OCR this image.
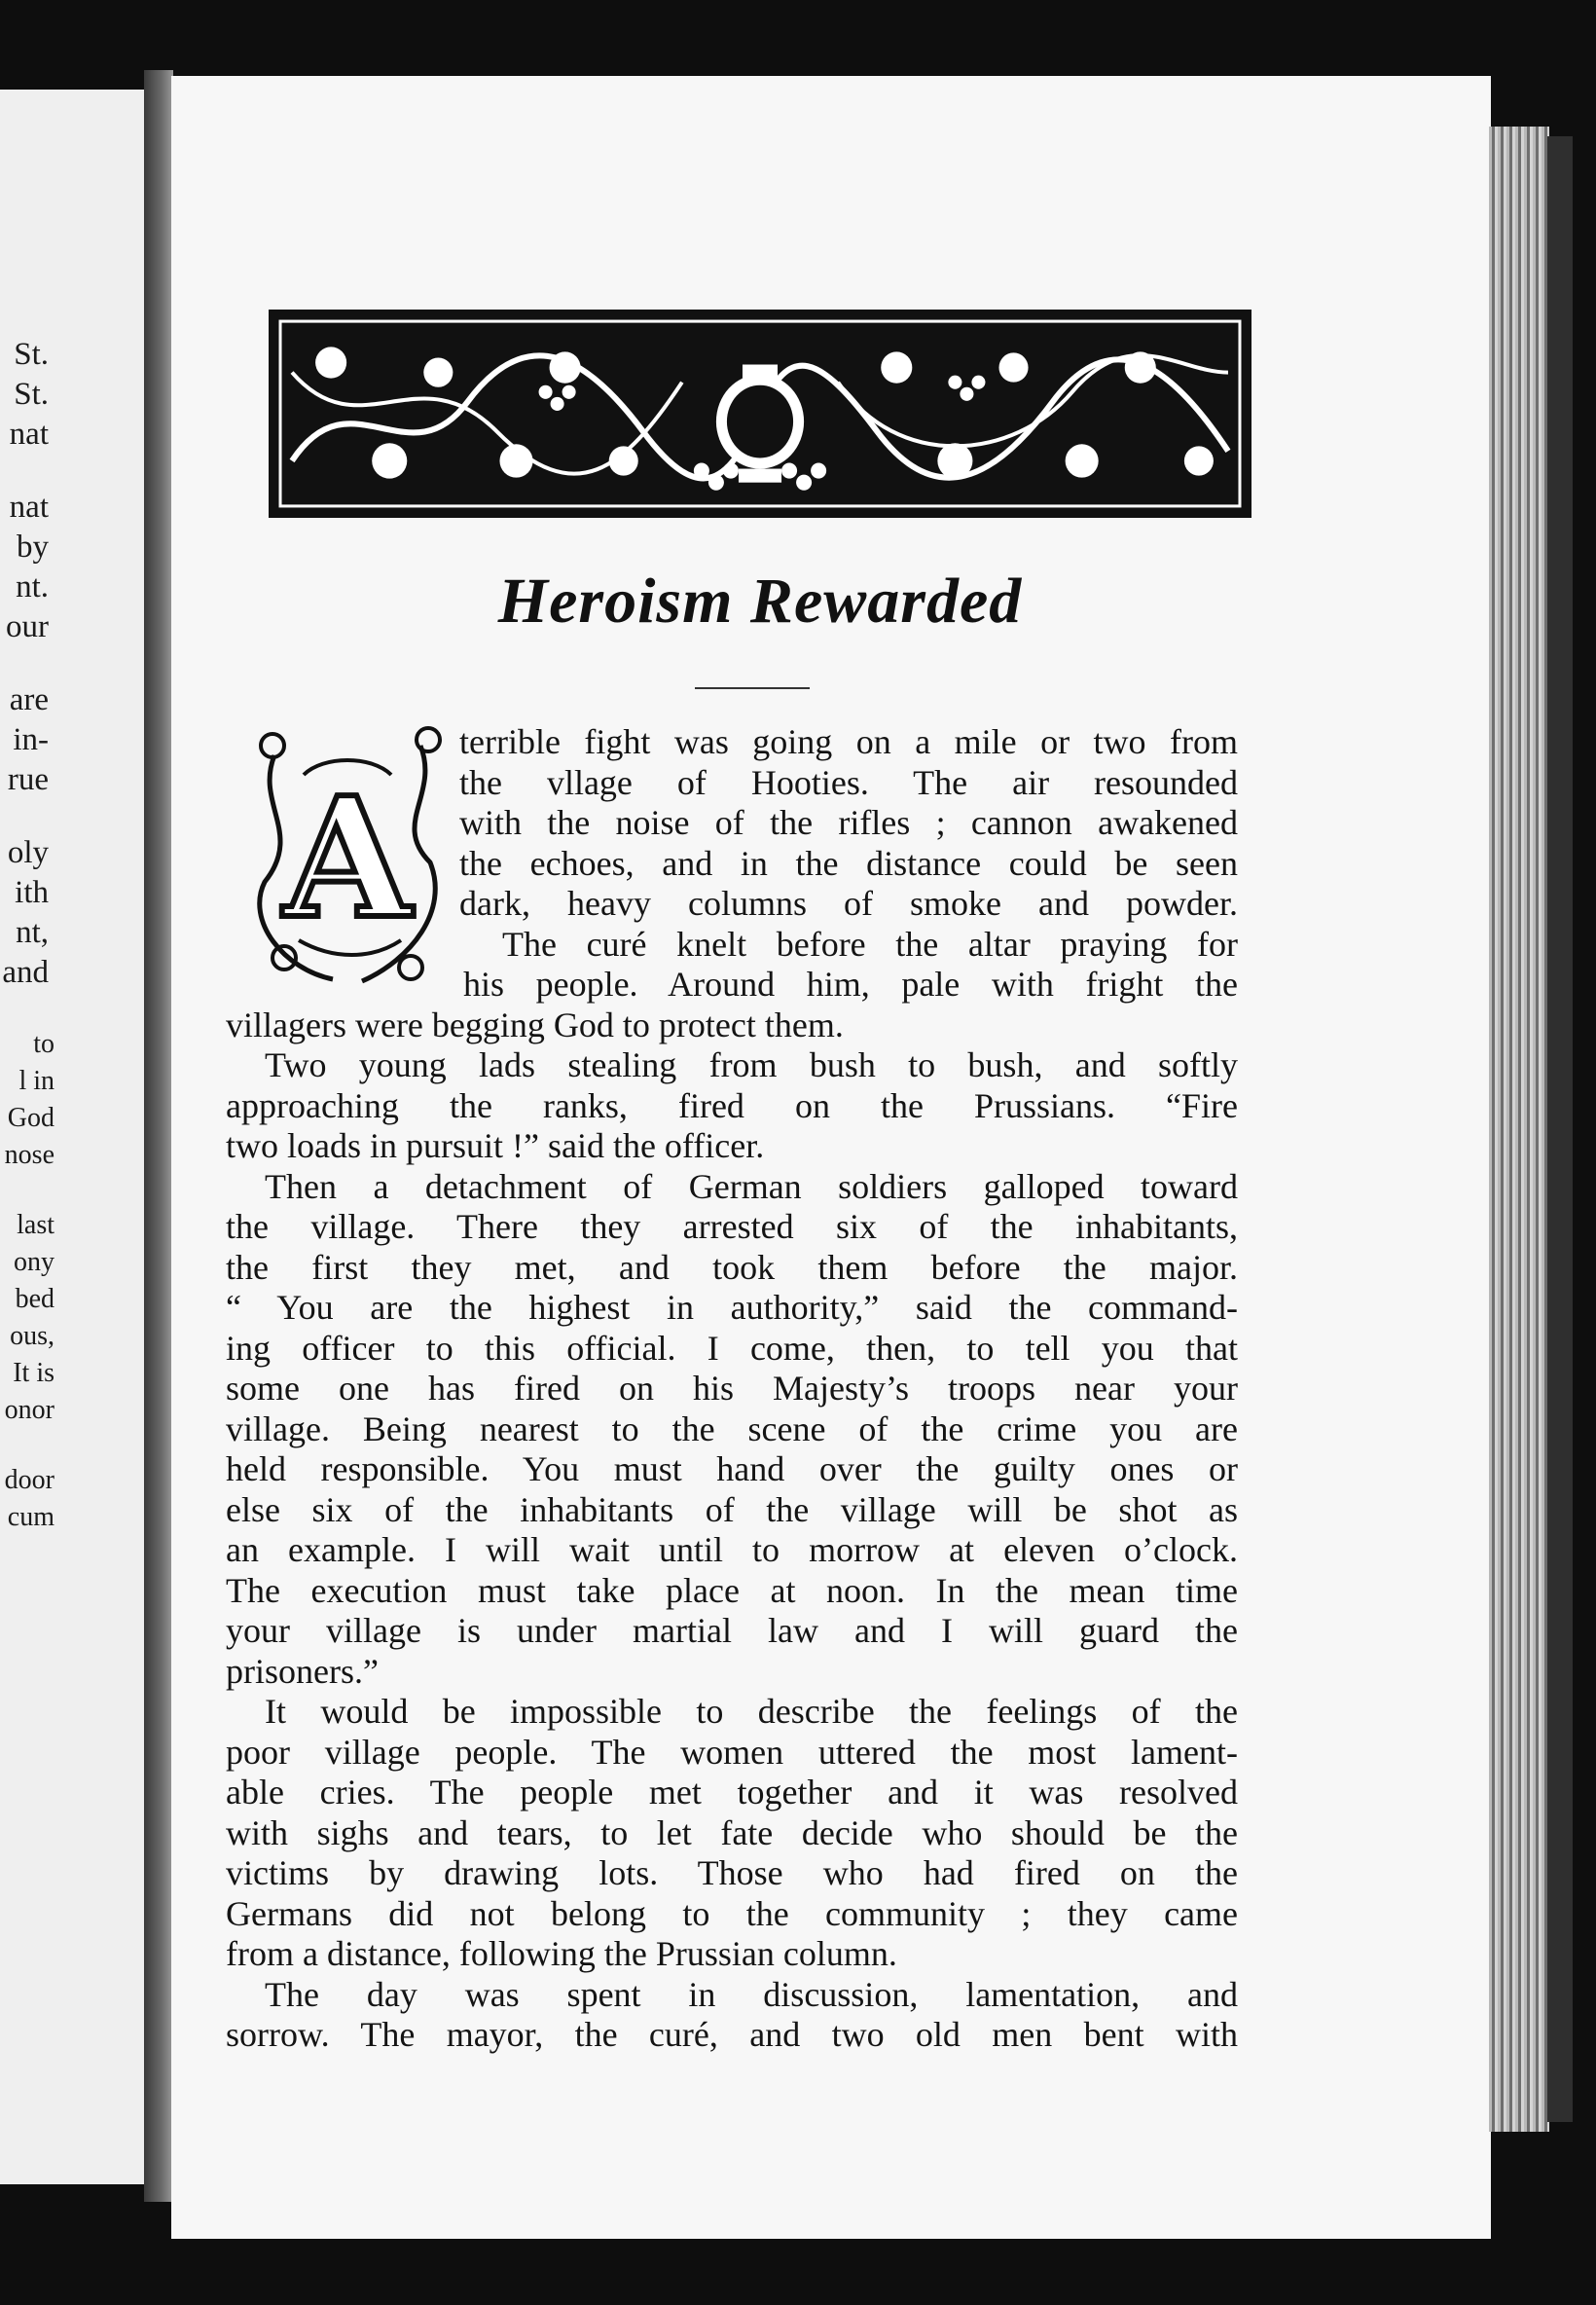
St.
St.
nat
nat
by
nt.
our
are
in-
rue
oly
ith
nt,
and
to
l in
God
nose
last
ony
bed
ous,
It is
onor
door
cum
Heroism Rewarded
A
terrible fight was going on a mile or two from
the vllage of Hooties. The air resounded
with the noise of the rifles ; cannon awakened
the echoes, and in the distance could be seen
dark, heavy columns of smoke and powder.
The curé knelt before the altar praying for
his people. Around him, pale with fright the
villagers were begging God to protect them.
Two young lads stealing from bush to bush, and softly
approaching the ranks, fired on the Prussians. “Fire
two loads in pursuit !” said the officer.
Then a detachment of German soldiers galloped toward
the village. There they arrested six of the inhabitants,
the first they met, and took them before the major.
“ You are the highest in authority,” said the command-
ing officer to this official. I come, then, to tell you that
some one has fired on his Majesty’s troops near your
village. Being nearest to the scene of the crime you are
held responsible. You must hand over the guilty ones or
else six of the inhabitants of the village will be shot as
an example. I will wait until to morrow at eleven o’clock.
The execution must take place at noon. In the mean time
your village is under martial law and I will guard the
prisoners.”
It would be impossible to describe the feelings of the
poor village people. The women uttered the most lament-
able cries. The people met together and it was resolved
with sighs and tears, to let fate decide who should be the
victims by drawing lots. Those who had fired on the
Germans did not belong to the community ; they came
from a distance, following the Prussian column.
The day was spent in discussion, lamentation, and
sorrow. The mayor, the curé, and two old men bent with
